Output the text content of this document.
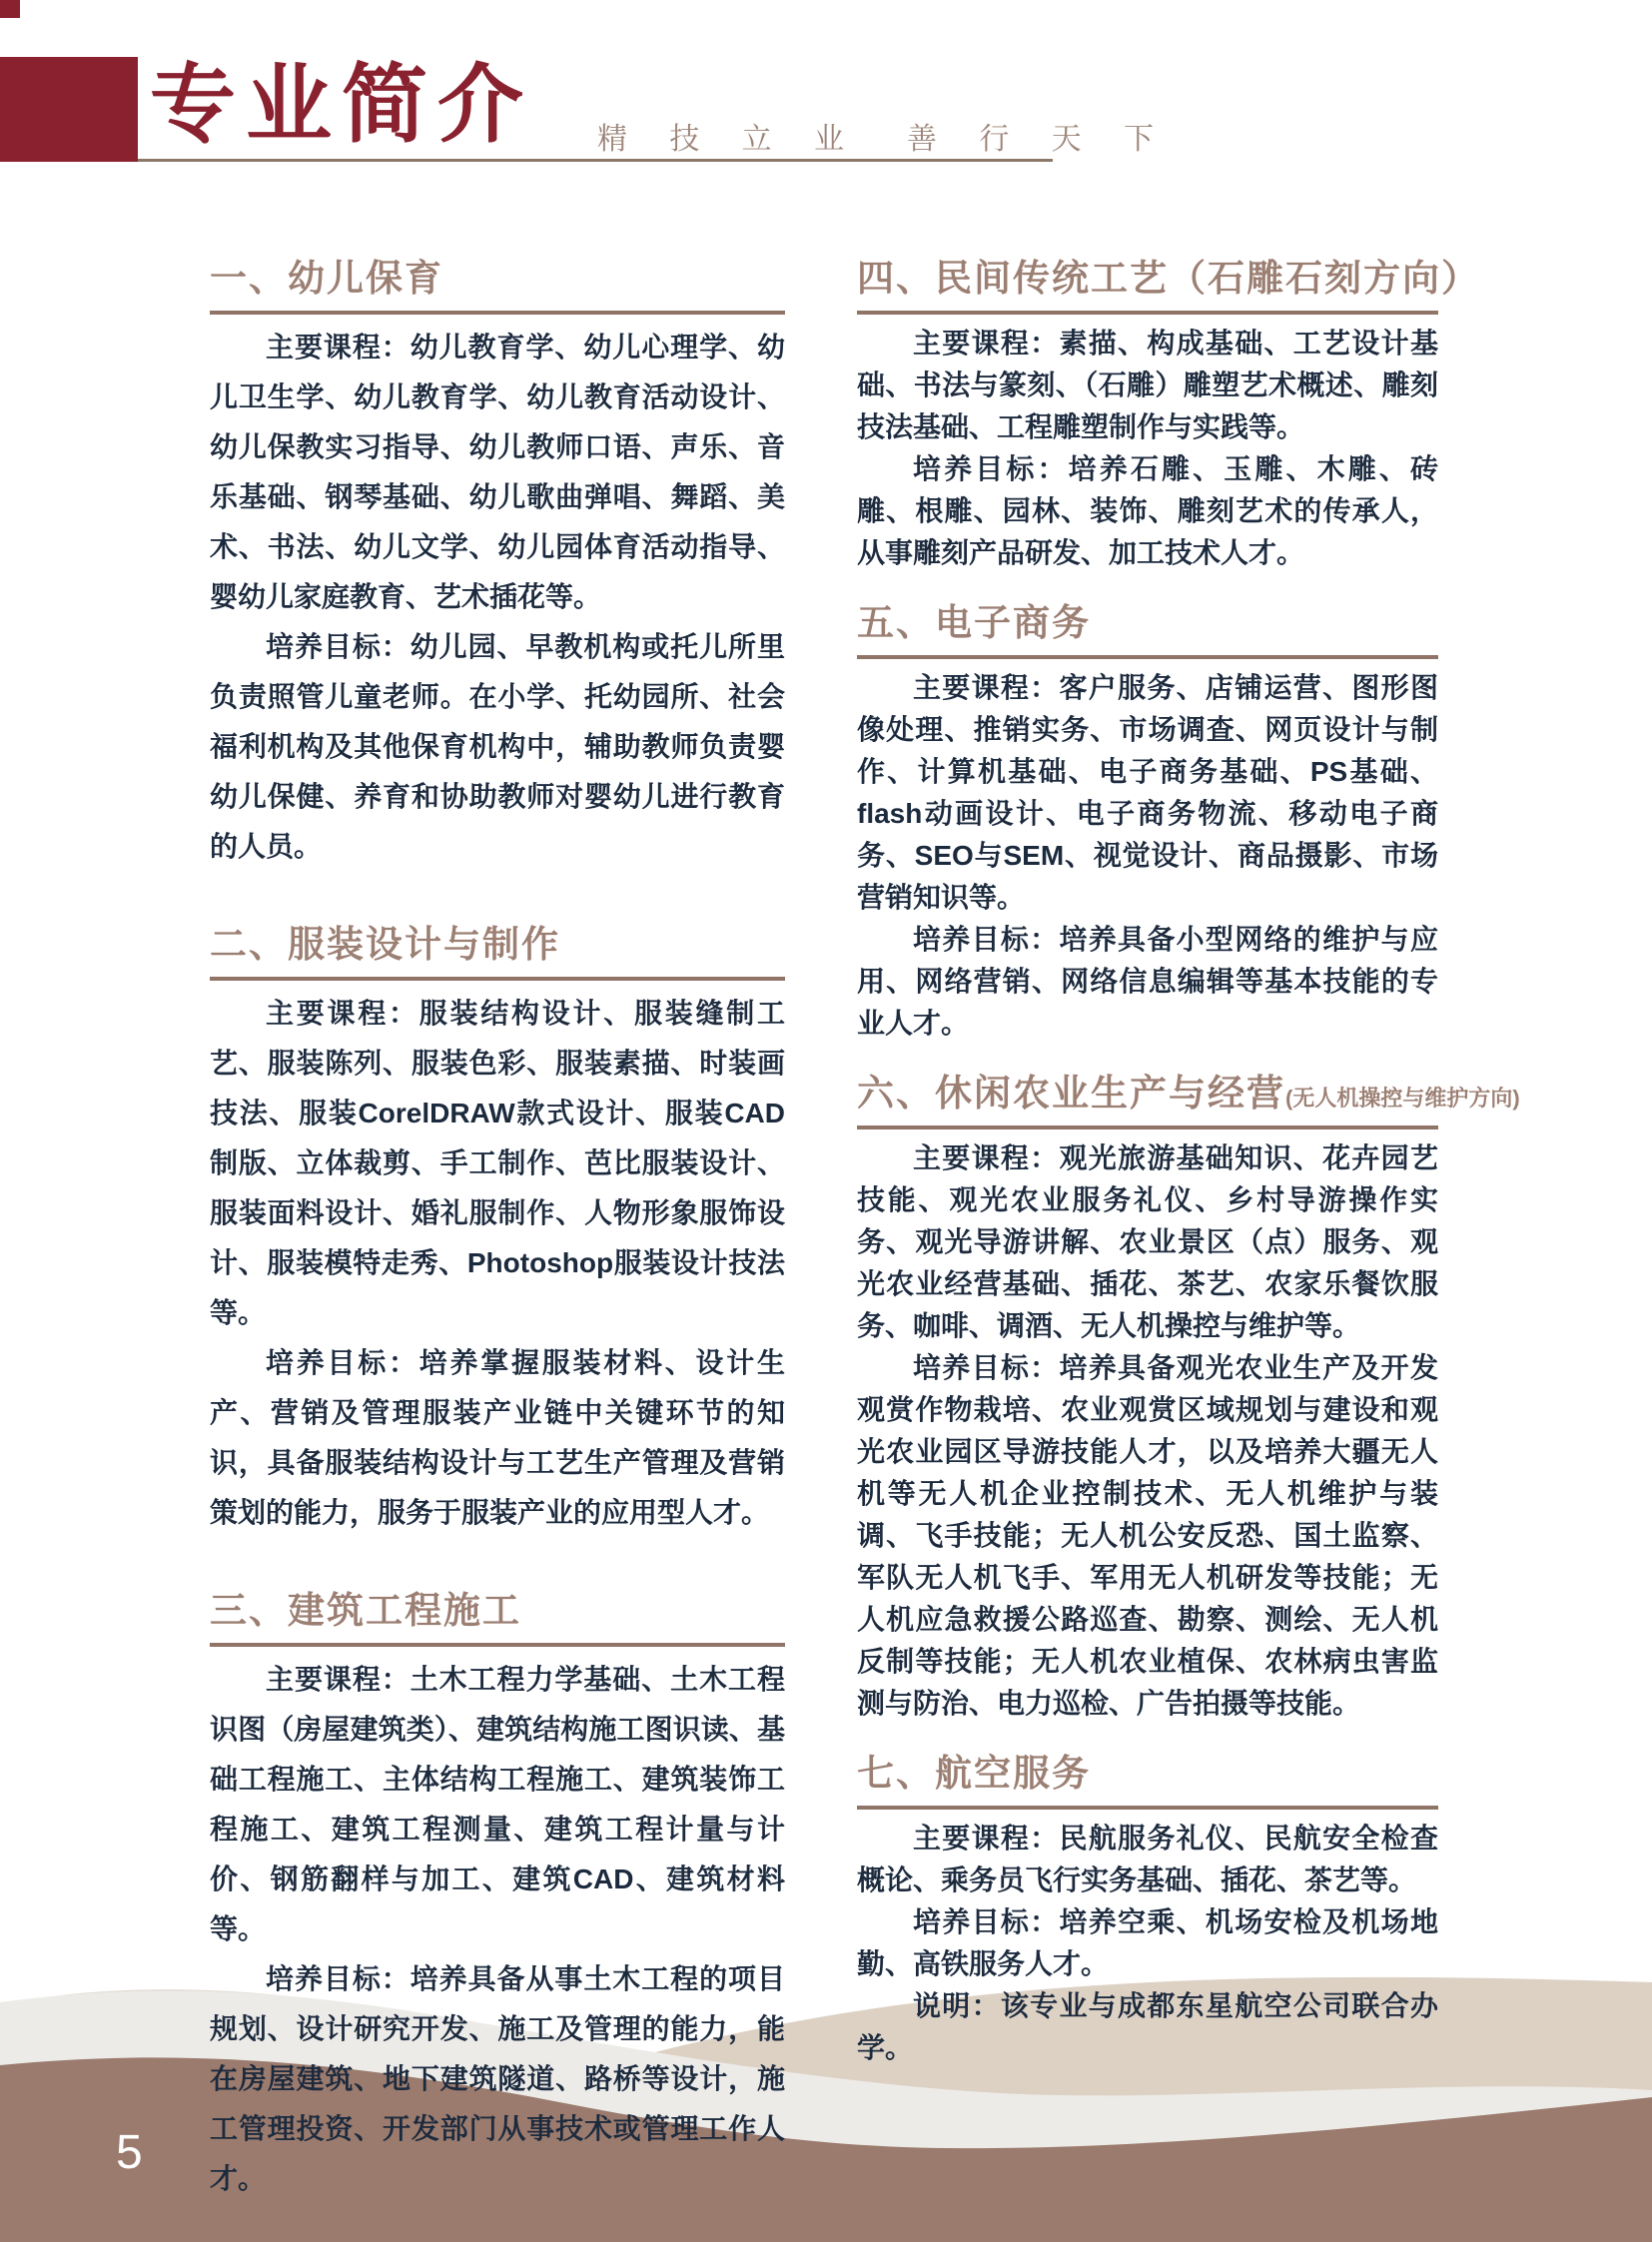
专业简介 精 技 立 业 善 行 天 下
一、幼儿保育

主要课程：幼儿教育学、幼儿心理学、幼儿卫生学、幼儿教育学、幼儿教育活动设计、幼儿保教实习指导、幼儿教师口语、声乐、音乐基础、钢琴基础、幼儿歌曲弹唱、舞蹈、美术、书法、幼儿文学、幼儿园体育活动指导、婴幼儿家庭教育、艺术插花等。

培养目标：幼儿园、早教机构或托儿所里负责照管儿童老师。在小学、托幼园所、社会福利机构及其他保育机构中，辅助教师负责婴幼儿保健、养育和协助教师对婴幼儿进行教育的人员。

二、服装设计与制作

主要课程：服装结构设计、服装缝制工艺、服装陈列、服装色彩、服装素描、时装画技法、服装CorelDRAW款式设计、服装CAD制版、立体裁剪、手工制作、芭比服装设计、服装面料设计、婚礼服制作、人物形象服饰设计、服装模特走秀、Photoshop服装设计技法等。

培养目标：培养掌握服装材料、设计生产、营销及管理服装产业链中关键环节的知识，具备服装结构设计与工艺生产管理及营销策划的能力，服务于服装产业的应用型人才。

三、建筑工程施工

主要课程：土木工程力学基础、土木工程识图（房屋建筑类）、建筑结构施工图识读、基础工程施工、主体结构工程施工、建筑装饰工程施工、建筑工程测量、建筑工程计量与计价、钢筋翻样与加工、建筑CAD、建筑材料等。

培养目标：培养具备从事土木工程的项目规划、设计研究开发、施工及管理的能力，能在房屋建筑、地下建筑隧道、路桥等设计，施工管理投资、开发部门从事技术或管理工作人才。

四、民间传统工艺（石雕石刻方向）

主要课程：素描、构成基础、工艺设计基础、书法与篆刻、（石雕）雕塑艺术概述、雕刻技法基础、工程雕塑制作与实践等。

培养目标：培养石雕、玉雕、木雕、砖雕、根雕、园林、装饰、雕刻艺术的传承人，从事雕刻产品研发、加工技术人才。

五、电子商务

主要课程：客户服务、店铺运营、图形图像处理、推销实务、市场调查、网页设计与制作、计算机基础、电子商务基础、PS基础、flash动画设计、电子商务物流、移动电子商务、SEO与SEM、视觉设计、商品摄影、市场营销知识等。

培养目标：培养具备小型网络的维护与应用、网络营销、网络信息编辑等基本技能的专业人才。

六、休闲农业生产与经营(无人机操控与维护方向)

主要课程：观光旅游基础知识、花卉园艺技能、观光农业服务礼仪、乡村导游操作实务、观光导游讲解、农业景区（点）服务、观光农业经营基础、插花、茶艺、农家乐餐饮服务、咖啡、调酒、无人机操控与维护等。

培养目标：培养具备观光农业生产及开发观赏作物栽培、农业观赏区域规划与建设和观光农业园区导游技能人才，以及培养大疆无人机等无人机企业控制技术、无人机维护与装调、飞手技能；无人机公安反恐、国土监察、军队无人机飞手、军用无人机研发等技能；无人机应急救援公路巡查、勘察、测绘、无人机反制等技能；无人机农业植保、农林病虫害监测与防治、电力巡检、广告拍摄等技能。

七、航空服务

主要课程：民航服务礼仪、民航安全检查概论、乘务员飞行实务基础、插花、茶艺等。

培养目标：培养空乘、机场安检及机场地勤、高铁服务人才。

说明：该专业与成都东星航空公司联合办学。

5
